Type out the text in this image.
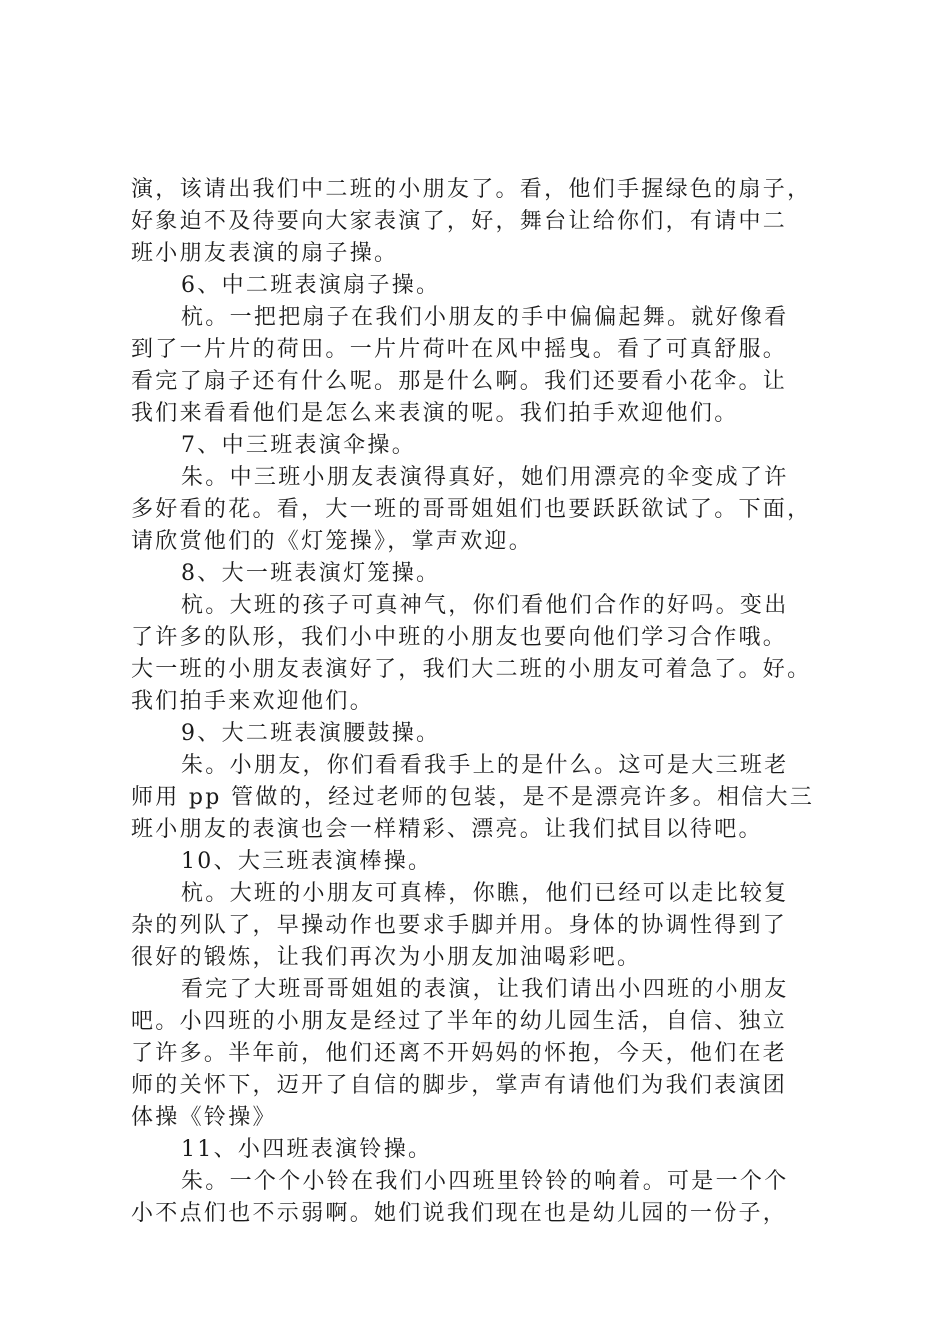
演，该请出我们中二班的小朋友了。看，他们手握绿色的扇子，
好象迫不及待要向大家表演了，好，舞台让给你们，有请中二
班小朋友表演的扇子操。
6、中二班表演扇子操。
杭。一把把扇子在我们小朋友的手中偏偏起舞。就好像看
到了一片片的荷田。一片片荷叶在风中摇曳。看了可真舒服。
看完了扇子还有什么呢。那是什么啊。我们还要看小花伞。让
我们来看看他们是怎么来表演的呢。我们拍手欢迎他们。
7、中三班表演伞操。
朱。中三班小朋友表演得真好，她们用漂亮的伞变成了许
多好看的花。看，大一班的哥哥姐姐们也要跃跃欲试了。下面，
请欣赏他们的《灯笼操》，掌声欢迎。
8、大一班表演灯笼操。
杭。大班的孩子可真神气，你们看他们合作的好吗。变出
了许多的队形，我们小中班的小朋友也要向他们学习合作哦。
大一班的小朋友表演好了，我们大二班的小朋友可着急了。好。
我们拍手来欢迎他们。
9、大二班表演腰鼓操。
朱。小朋友，你们看看我手上的是什么。这可是大三班老
师用 pp 管做的，经过老师的包装，是不是漂亮许多。相信大三
班小朋友的表演也会一样精彩、漂亮。让我们拭目以待吧。
10、大三班表演棒操。
杭。大班的小朋友可真棒，你瞧，他们已经可以走比较复
杂的列队了，早操动作也要求手脚并用。身体的协调性得到了
很好的锻炼，让我们再次为小朋友加油喝彩吧。
看完了大班哥哥姐姐的表演，让我们请出小四班的小朋友
吧。小四班的小朋友是经过了半年的幼儿园生活，自信、独立
了许多。半年前，他们还离不开妈妈的怀抱，今天，他们在老
师的关怀下，迈开了自信的脚步，掌声有请他们为我们表演团
体操《铃操》
11、小四班表演铃操。
朱。一个个小铃在我们小四班里铃铃的响着。可是一个个
小不点们也不示弱啊。她们说我们现在也是幼儿园的一份子，
